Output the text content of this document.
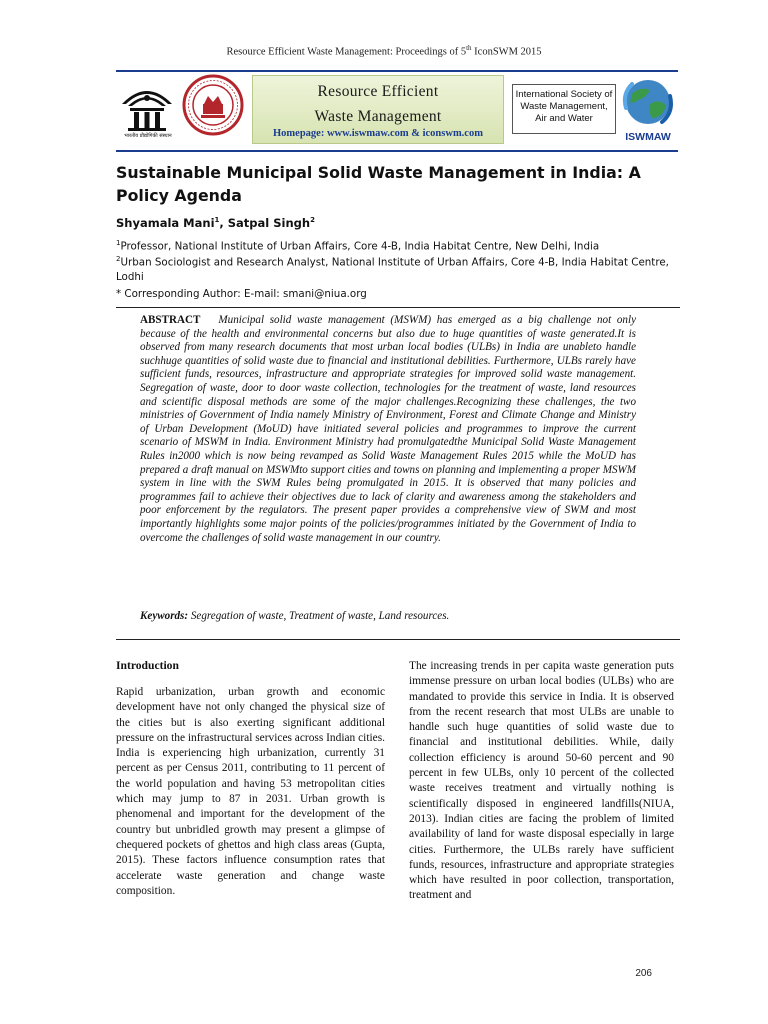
Resource Efficient Waste Management: Proceedings of 5th IconSWM 2015
भारतीय प्रौद्योगिकी संस्थान
Resource Efficient
Waste Management
Homepage: www.iswmaw.com & iconswm.com
International Society of
Waste Management,
Air and Water
ISWMAW
Sustainable Municipal Solid Waste Management in India: A Policy Agenda
Shyamala Mani$^1$, Satpal Singh$^2$
$^1$Professor, National Institute of Urban Affairs, Core 4-B, India Habitat Centre, New Delhi, India
$^2$Urban Sociologist and Research Analyst, National Institute of Urban Affairs, Core 4-B, India Habitat Centre, Lodhi
* Corresponding Author: E-mail: smani@niua.org
ABSTRACT Municipal solid waste management (MSWM) has emerged as a big challenge not only because of the health and environmental concerns but also due to huge quantities of waste generated.It is observed from many research documents that most urban local bodies (ULBs) in India are unableto handle suchhuge quantities of solid waste due to financial and institutional debilities. Furthermore, ULBs rarely have sufficient funds, resources, infrastructure and appropriate strategies for improved solid waste management. Segregation of waste, door to door waste collection, technologies for the treatment of waste, land resources and scientific disposal methods are some of the major challenges.Recognizing these challenges, the two ministries of Government of India namely Ministry of Environment, Forest and Climate Change and Ministry of Urban Development (MoUD) have initiated several policies and programmes to improve the current scenario of MSWM in India. Environment Ministry had promulgatedthe Municipal Solid Waste Management Rules in2000 which is now being revamped as Solid Waste Management Rules 2015 while the MoUD has prepared a draft manual on MSWMto support cities and towns on planning and implementing a proper MSWM system in line with the SWM Rules being promulgated in 2015. It is observed that many policies and programmes fail to achieve their objectives due to lack of clarity and awareness among the stakeholders and poor enforcement by the regulators. The present paper provides a comprehensive view of SWM and most importantly highlights some major points of the policies/programmes initiated by the Government of India to overcome the challenges of solid waste management in our country.
Keywords: Segregation of waste, Treatment of waste, Land resources.
Introduction
Rapid urbanization, urban growth and economic development have not only changed the physical size of the cities but is also exerting significant additional pressure on the infrastructural services across Indian cities. India is experiencing high urbanization, currently 31 percent as per Census 2011, contributing to 11 percent of the world population and having 53 metropolitan cities which may jump to 87 in 2031. Urban growth is phenomenal and important for the development of the country but unbridled growth may present a glimpse of chequered pockets of ghettos and high class areas (Gupta, 2015). These factors influence consumption rates that accelerate waste generation and change waste composition.
The increasing trends in per capita waste generation puts immense pressure on urban local bodies (ULBs) who are mandated to provide this service in India. It is observed from the recent research that most ULBs are unable to handle such huge quantities of solid waste due to financial and institutional debilities. While, daily collection efficiency is around 50-60 percent and 90 percent in few ULBs, only 10 percent of the collected waste receives treatment and virtually nothing is scientifically disposed in engineered landfills(NIUA, 2013). Indian cities are facing the problem of limited availability of land for waste disposal especially in large cities. Furthermore, the ULBs rarely have sufficient funds, resources, infrastructure and appropriate strategies which have resulted in poor collection, transportation, treatment and
206
